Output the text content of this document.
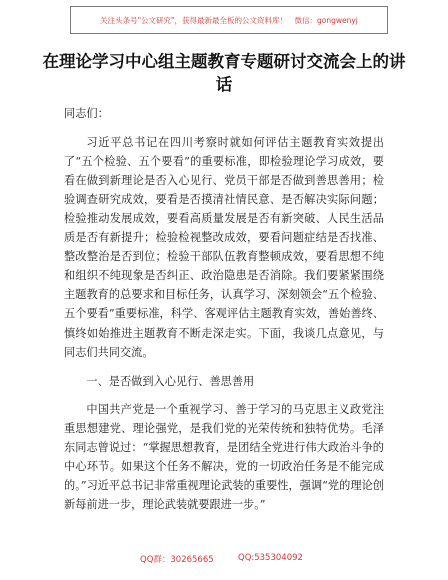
关注头条号"公文研究"，获得最新最全板的公文资料库！　微信：gongwenyj
在理论学习中心组主题教育专题研讨交流会上的讲话

同志们：

习近平总书记在四川考察时就如何评估主题教育实效提出了“五个检验、五个要看”的重要标准，即检验理论学习成效，要看在做到新理论是否入心见行、党员干部是否做到善思善用；检验调查研究成效，要看是否摸清社情民意、是否解决实际问题；检验推动发展成效，要看高质量发展是否有新突破、人民生活品质是否有新提升；检验检视整改成效，要看问题症结是否找准、整改整治是否到位；检验干部队伍教育整顿成效，要看思想不纯和组织不纯现象是否纠正、政治隐患是否消除。我们要紧紧围绕主题教育的总要求和目标任务，认真学习、深刻领会“五个检验、五个要看”重要标准，科学、客观评估主题教育实效，善始善终、慎终如始推进主题教育不断走深走实。下面，我谈几点意见，与同志们共同交流。

一、是否做到入心见行、善思善用

中国共产党是一个重视学习、善于学习的马克思主义政党注重思想建党、理论强党，是我们党的光荣传统和独特优势。毛泽东同志曾说过：“掌握思想教育，是团结全党进行伟大政治斗争的中心环节。如果这个任务不解决，党的一切政治任务是不能完成的。”习近平总书记非常重视理论武装的重要性，强调“党的理论创新每前进一步，理论武装就要跟进一步。”

QQ群：30265665	QQ:535304092
